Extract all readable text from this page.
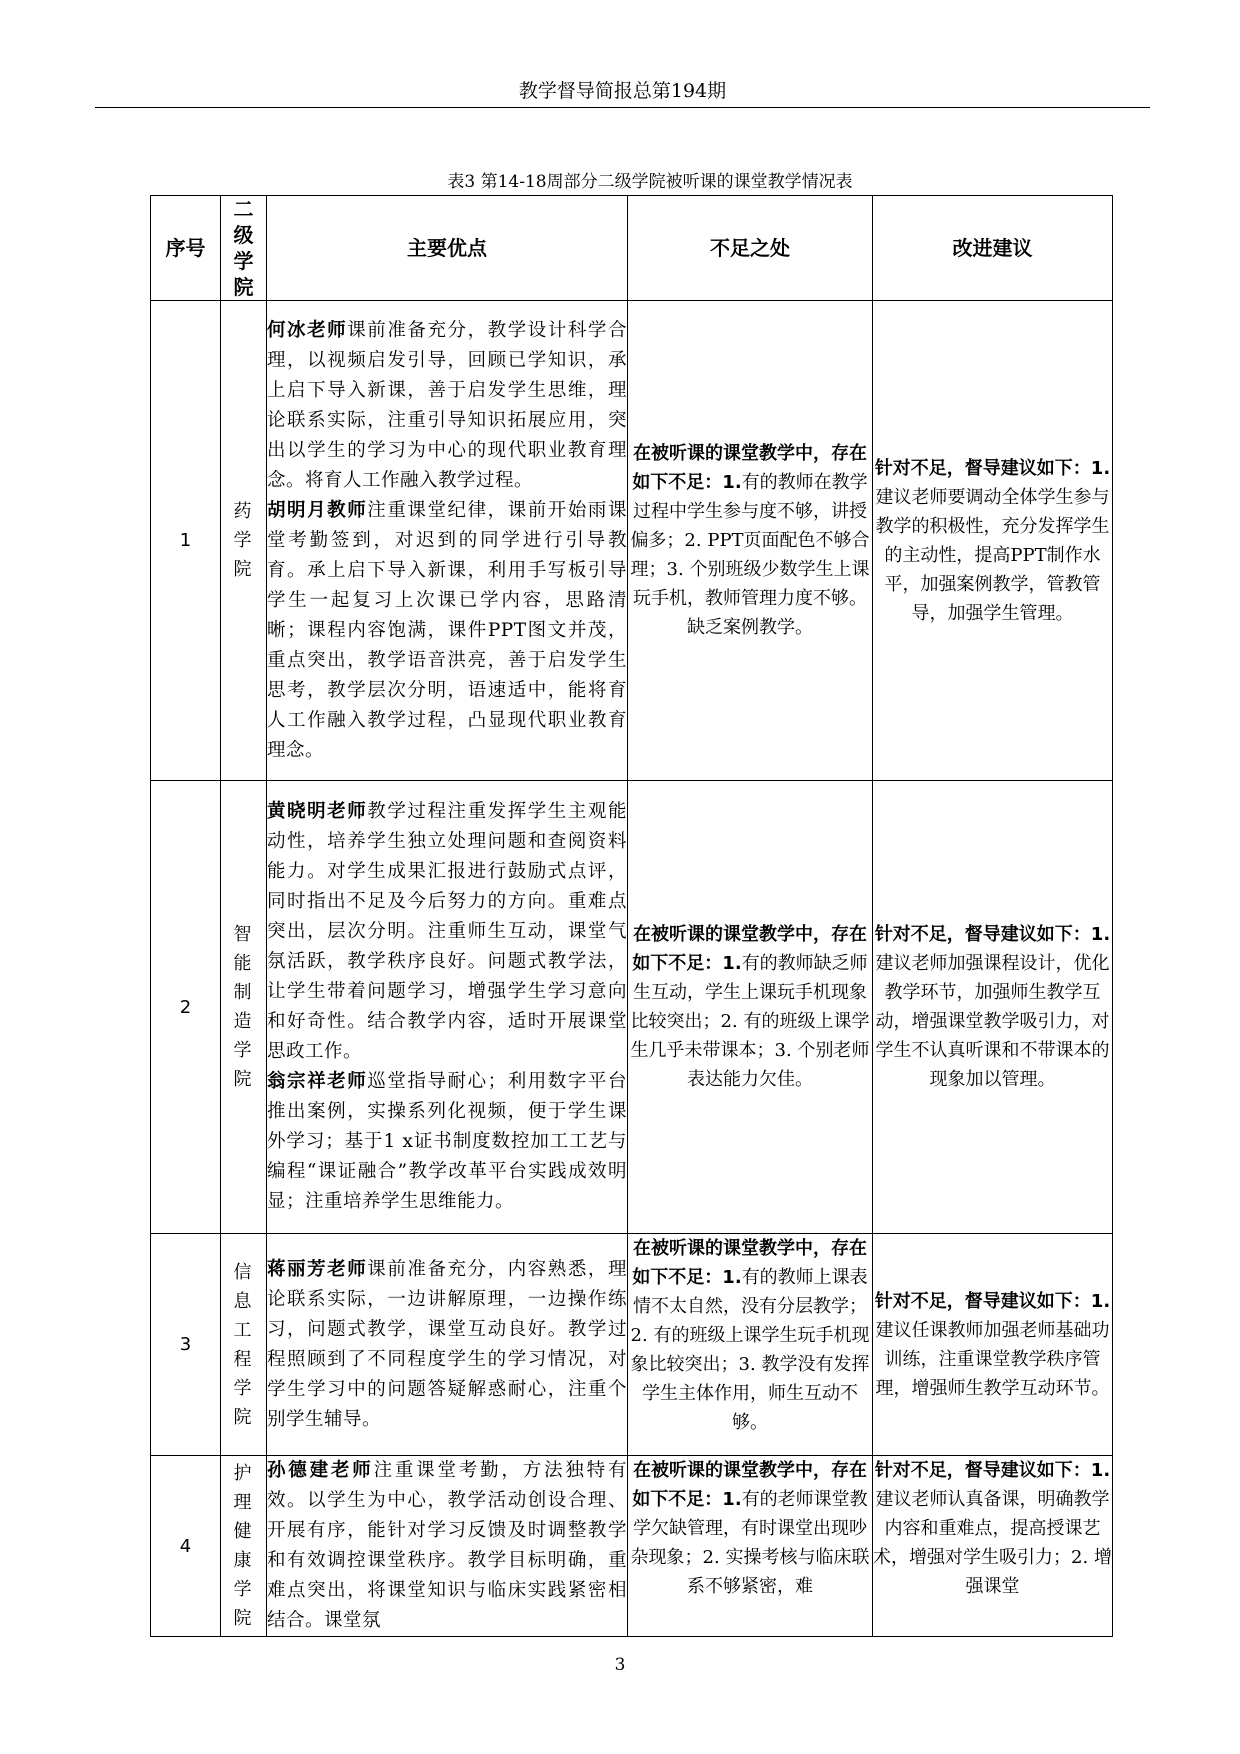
教学督导简报总第194期
表3 第14-18周部分二级学院被听课的课堂教学情况表
序号	二级学院	主要优点	不足之处	改进建议
1	药学院	何冰老师课前准备充分，教学设计科学合理，以视频启发引导，回顾已学知识，承上启下导入新课，善于启发学生思维，理论联系实际，注重引导知识拓展应用，突出以学生的学习为中心的现代职业教育理念。将育人工作融入教学过程。
胡明月教师注重课堂纪律，课前开始雨课堂考勤签到，对迟到的同学进行引导教育。承上启下导入新课，利用手写板引导学生一起复习上次课已学内容，思路清晰；课程内容饱满，课件PPT图文并茂，重点突出，教学语音洪亮，善于启发学生思考，教学层次分明，语速适中，能将育人工作融入教学过程，凸显现代职业教育理念。	在被听课的课堂教学中，存在如下不足：1.有的教师在教学过程中学生参与度不够，讲授偏多；2. PPT页面配色不够合理；3. 个别班级少数学生上课玩手机，教师管理力度不够。缺乏案例教学。	针对不足，督导建议如下：1.建议老师要调动全体学生参与教学的积极性，充分发挥学生的主动性，提高PPT制作水平，加强案例教学，管教管导，加强学生管理。
2	智能制造学院	黄晓明老师教学过程注重发挥学生主观能动性，培养学生独立处理问题和查阅资料能力。对学生成果汇报进行鼓励式点评，同时指出不足及今后努力的方向。重难点突出，层次分明。注重师生互动，课堂气氛活跃，教学秩序良好。问题式教学法，让学生带着问题学习，增强学生学习意向和好奇性。结合教学内容，适时开展课堂思政工作。
翁宗祥老师巡堂指导耐心；利用数字平台推出案例，实操系列化视频，便于学生课外学习；基于1 x证书制度数控加工工艺与编程“课证融合”教学改革平台实践成效明显；注重培养学生思维能力。	在被听课的课堂教学中，存在如下不足：1.有的教师缺乏师生互动，学生上课玩手机现象比较突出；2. 有的班级上课学生几乎未带课本；3. 个别老师表达能力欠佳。	针对不足，督导建议如下：1.建议老师加强课程设计，优化教学环节，加强师生教学互动，增强课堂教学吸引力，对学生不认真听课和不带课本的现象加以管理。
3	信息工程学院	蒋丽芳老师课前准备充分，内容熟悉，理论联系实际，一边讲解原理，一边操作练习，问题式教学，课堂互动良好。教学过程照顾到了不同程度学生的学习情况，对学生学习中的问题答疑解惑耐心，注重个别学生辅导。	在被听课的课堂教学中，存在如下不足：1.有的教师上课表情不太自然，没有分层教学；2. 有的班级上课学生玩手机现象比较突出；3. 教学没有发挥学生主体作用，师生互动不够。	针对不足，督导建议如下：1.建议任课教师加强老师基础功训练，注重课堂教学秩序管理，增强师生教学互动环节。
4	护理健康学院	孙德建老师注重课堂考勤，方法独特有效。以学生为中心，教学活动创设合理、开展有序，能针对学习反馈及时调整教学和有效调控课堂秩序。教学目标明确，重难点突出，将课堂知识与临床实践紧密相结合。课堂氛	在被听课的课堂教学中，存在如下不足：1.有的老师课堂教学欠缺管理，有时课堂出现吵杂现象；2. 实操考核与临床联系不够紧密，难	针对不足，督导建议如下：1.建议老师认真备课，明确教学内容和重难点，提高授课艺术，增强对学生吸引力；2. 增强课堂
3
